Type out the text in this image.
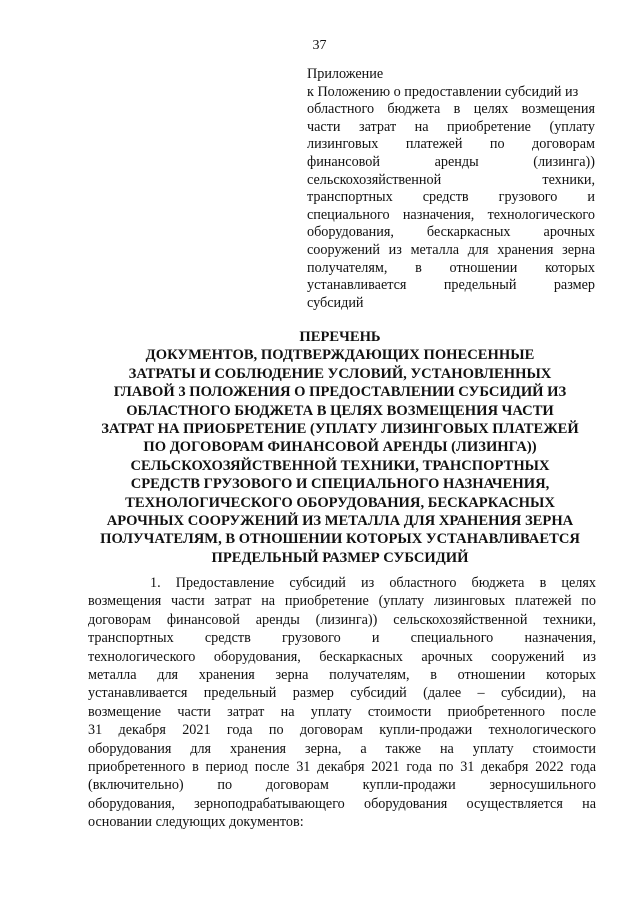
37
Приложение
к Положению о предоставлении субсидий из
областного бюджета в целях возмещения
части затрат на приобретение (уплату
лизинговых платежей по договорам
финансовой аренды (лизинга))
сельскохозяйственной техники,
транспортных средств грузового и
специального назначения, технологического
оборудования, бескаркасных арочных
сооружений из металла для хранения зерна
получателям, в отношении которых
устанавливается предельный размер
субсидий
ПЕРЕЧЕНЬ
ДОКУМЕНТОВ, ПОДТВЕРЖДАЮЩИХ ПОНЕСЕННЫЕ
ЗАТРАТЫ И СОБЛЮДЕНИЕ УСЛОВИЙ, УСТАНОВЛЕННЫХ
ГЛАВОЙ 3 ПОЛОЖЕНИЯ О ПРЕДОСТАВЛЕНИИ СУБСИДИЙ ИЗ
ОБЛАСТНОГО БЮДЖЕТА В ЦЕЛЯХ ВОЗМЕЩЕНИЯ ЧАСТИ
ЗАТРАТ НА ПРИОБРЕТЕНИЕ (УПЛАТУ ЛИЗИНГОВЫХ ПЛАТЕЖЕЙ
ПО ДОГОВОРАМ ФИНАНСОВОЙ АРЕНДЫ (ЛИЗИНГА))
СЕЛЬСКОХОЗЯЙСТВЕННОЙ ТЕХНИКИ, ТРАНСПОРТНЫХ
СРЕДСТВ ГРУЗОВОГО И СПЕЦИАЛЬНОГО НАЗНАЧЕНИЯ,
ТЕХНОЛОГИЧЕСКОГО ОБОРУДОВАНИЯ, БЕСКАРКАСНЫХ
АРОЧНЫХ СООРУЖЕНИЙ ИЗ МЕТАЛЛА ДЛЯ ХРАНЕНИЯ ЗЕРНА
ПОЛУЧАТЕЛЯМ, В ОТНОШЕНИИ КОТОРЫХ УСТАНАВЛИВАЕТСЯ
ПРЕДЕЛЬНЫЙ РАЗМЕР СУБСИДИЙ
1. Предоставление субсидий из областного бюджета в целях
возмещения части затрат на приобретение (уплату лизинговых платежей по
договорам финансовой аренды (лизинга)) сельскохозяйственной техники,
транспортных средств грузового и специального назначения,
технологического оборудования, бескаркасных арочных сооружений из
металла для хранения зерна получателям, в отношении которых
устанавливается предельный размер субсидий (далее – субсидии), на
возмещение части затрат на уплату стоимости приобретенного после
31 декабря 2021 года по договорам купли-продажи технологического
оборудования для хранения зерна, а также на уплату стоимости
приобретенного в период после 31 декабря 2021 года по 31 декабря 2022 года
(включительно) по договорам купли-продажи зерносушильного
оборудования, зерноподрабатывающего оборудования осуществляется на
основании следующих документов:
